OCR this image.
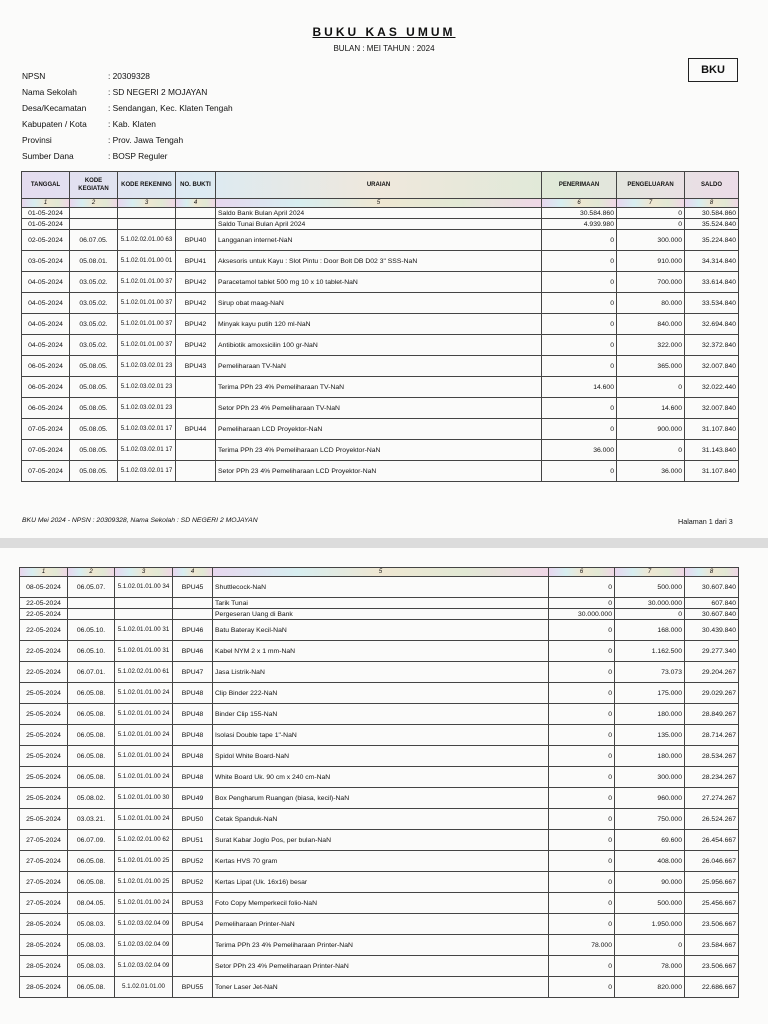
BUKU KAS UMUM
BULAN : MEI TAHUN : 2024
BKU
NPSN	: 20309328
Nama Sekolah	: SD NEGERI 2 MOJAYAN
Desa/Kecamatan	: Sendangan, Kec. Klaten Tengah
Kabupaten / Kota	: Kab. Klaten
Provinsi	: Prov. Jawa Tengah
Sumber Dana	: BOSP Reguler
TANGGAL	KODE KEGIATAN	KODE REKENING	NO. BUKTI	URAIAN	PENERIMAAN	PENGELUARAN	SALDO
1	2	3	4	5	6	7	8
01-05-2024				Saldo Bank Bulan April 2024	30.584.860	0	30.584.860
01-05-2024				Saldo Tunai Bulan April 2024	4.939.980	0	35.524.840
02-05-2024	06.07.05.	5.1.02.02.01.00 63	BPU40	Langganan internet-NaN	0	300.000	35.224.840
03-05-2024	05.08.01.	5.1.02.01.01.00 01	BPU41	Aksesoris untuk Kayu : Slot Pintu : Door Bolt DB D02 3" SSS-NaN	0	910.000	34.314.840
04-05-2024	03.05.02.	5.1.02.01.01.00 37	BPU42	Paracetamol tablet 500 mg 10 x 10 tablet-NaN	0	700.000	33.614.840
04-05-2024	03.05.02.	5.1.02.01.01.00 37	BPU42	Sirup obat maag-NaN	0	80.000	33.534.840
04-05-2024	03.05.02.	5.1.02.01.01.00 37	BPU42	Minyak kayu putih 120 ml-NaN	0	840.000	32.694.840
04-05-2024	03.05.02.	5.1.02.01.01.00 37	BPU42	Antibiotik amoxsicilin 100 gr-NaN	0	322.000	32.372.840
06-05-2024	05.08.05.	5.1.02.03.02.01 23	BPU43	Pemeliharaan TV-NaN	0	365.000	32.007.840
06-05-2024	05.08.05.	5.1.02.03.02.01 23		Terima PPh 23 4% Pemeliharaan TV-NaN	14.600	0	32.022.440
06-05-2024	05.08.05.	5.1.02.03.02.01 23		Setor PPh 23 4% Pemeliharaan TV-NaN	0	14.600	32.007.840
07-05-2024	05.08.05.	5.1.02.03.02.01 17	BPU44	Pemeliharaan LCD Proyektor-NaN	0	900.000	31.107.840
07-05-2024	05.08.05.	5.1.02.03.02.01 17		Terima PPh 23 4% Pemeliharaan LCD Proyektor-NaN	36.000	0	31.143.840
07-05-2024	05.08.05.	5.1.02.03.02.01 17		Setor PPh 23 4% Pemeliharaan LCD Proyektor-NaN	0	36.000	31.107.840
BKU Mei 2024 - NPSN : 20309328, Nama Sekolah : SD NEGERI 2 MOJAYAN	Halaman 1 dari 3
1	2	3	4	5	6	7	8
08-05-2024	06.05.07.	5.1.02.01.01.00 34	BPU45	Shuttlecock-NaN	0	500.000	30.607.840
22-05-2024				Tarik Tunai	0	30.000.000	607.840
22-05-2024				Pergeseran Uang di Bank	30.000.000	0	30.607.840
22-05-2024	06.05.10.	5.1.02.01.01.00 31	BPU46	Batu Bateray Kecil-NaN	0	168.000	30.439.840
22-05-2024	06.05.10.	5.1.02.01.01.00 31	BPU46	Kabel NYM 2 x 1 mm-NaN	0	1.162.500	29.277.340
22-05-2024	06.07.01.	5.1.02.02.01.00 61	BPU47	Jasa Listrik-NaN	0	73.073	29.204.267
25-05-2024	06.05.08.	5.1.02.01.01.00 24	BPU48	Clip Binder 222-NaN	0	175.000	29.029.267
25-05-2024	06.05.08.	5.1.02.01.01.00 24	BPU48	Binder Clip 155-NaN	0	180.000	28.849.267
25-05-2024	06.05.08.	5.1.02.01.01.00 24	BPU48	Isolasi Double tape 1"-NaN	0	135.000	28.714.267
25-05-2024	06.05.08.	5.1.02.01.01.00 24	BPU48	Spidol White Board-NaN	0	180.000	28.534.267
25-05-2024	06.05.08.	5.1.02.01.01.00 24	BPU48	White Board Uk. 90 cm x 240 cm-NaN	0	300.000	28.234.267
25-05-2024	05.08.02.	5.1.02.01.01.00 30	BPU49	Box Pengharum Ruangan (biasa, kecil)-NaN	0	960.000	27.274.267
25-05-2024	03.03.21.	5.1.02.01.01.00 24	BPU50	Cetak Spanduk-NaN	0	750.000	26.524.267
27-05-2024	06.07.09.	5.1.02.02.01.00 62	BPU51	Surat Kabar Joglo Pos, per bulan-NaN	0	69.600	26.454.667
27-05-2024	06.05.08.	5.1.02.01.01.00 25	BPU52	Kertas HVS 70 gram	0	408.000	26.046.667
27-05-2024	06.05.08.	5.1.02.01.01.00 25	BPU52	Kertas Lipat (Uk. 16x16) besar	0	90.000	25.956.667
27-05-2024	08.04.05.	5.1.02.01.01.00 24	BPU53	Foto Copy Memperkecil folio-NaN	0	500.000	25.456.667
28-05-2024	05.08.03.	5.1.02.03.02.04 09	BPU54	Pemeliharaan Printer-NaN	0	1.950.000	23.506.667
28-05-2024	05.08.03.	5.1.02.03.02.04 09		Terima PPh 23 4% Pemeliharaan Printer-NaN	78.000	0	23.584.667
28-05-2024	05.08.03.	5.1.02.03.02.04 09		Setor PPh 23 4% Pemeliharaan Printer-NaN	0	78.000	23.506.667
28-05-2024	06.05.08.	5.1.02.01.01.00	BPU55	Toner Laser Jet-NaN	0	820.000	22.686.667
